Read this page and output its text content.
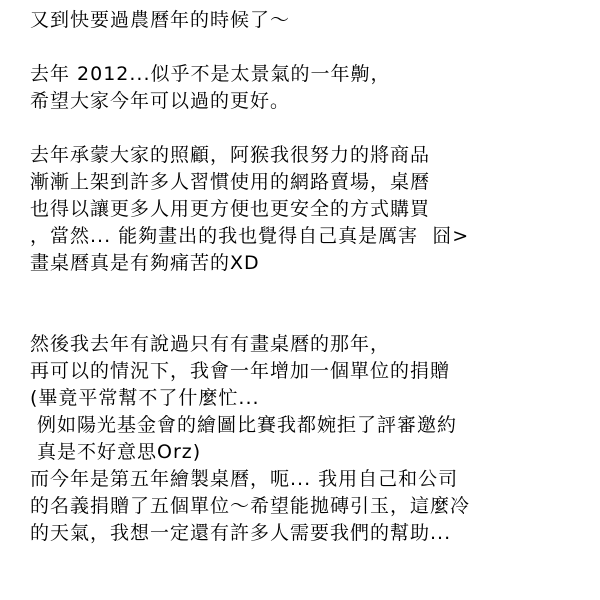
又到快要過農曆年的時候了～
去年 2012...似乎不是太景氣的一年齁，
希望大家今年可以過的更好。
去年承蒙大家的照顧，阿猴我很努力的將商品
漸漸上架到許多人習慣使用的網路賣場，桌曆
也得以讓更多人用更方便也更安全的方式購買
，當然... 能夠畫出的我也覺得自己真是厲害  囧>
畫桌曆真是有夠痛苦的XD
然後我去年有說過只有有畫桌曆的那年，
再可以的情況下，我會一年增加一個單位的捐贈
(畢竟平常幫不了什麼忙...
例如陽光基金會的繪圖比賽我都婉拒了評審邀約
真是不好意思Orz)
而今年是第五年繪製桌曆，呃... 我用自己和公司
的名義捐贈了五個單位～希望能拋磚引玉，這麼冷
的天氣，我想一定還有許多人需要我們的幫助...
